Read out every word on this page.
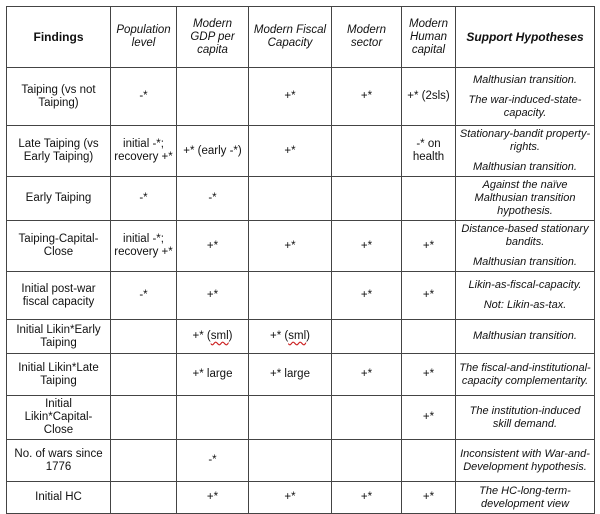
Findings	Population level	Modern GDP per capita	Modern Fiscal Capacity	Modern sector	Modern Human capital	Support Hypotheses
Taiping (vs not Taiping)	-*		+*	+*	+* (2sls)	Malthusian transition.

The war-induced-state-capacity.

Late Taiping (vs Early Taiping)	initial -*; recovery +*	+* (early -*)	+*		-* on health	Stationary-bandit property-rights.

Malthusian transition.

Early Taiping	-*	-*				Against the naïve Malthusian transition hypothesis.

Taiping-Capital-Close	initial -*; recovery +*	+*	+*	+*	+*	Distance-based stationary bandits.

Malthusian transition.

Initial post-war fiscal capacity	-*	+*		+*	+*	Likin-as-fiscal-capacity.

Not: Likin-as-tax.

Initial Likin*Early Taiping		+* (sml)	+* (sml)			Malthusian transition.

Initial Likin*Late Taiping		+* large	+* large	+*	+*	The fiscal-and-institutional-capacity complementarity.

Initial Likin*Capital-Close					+*	The institution-induced skill demand.

No. of wars since 1776		-*				Inconsistent with War-and-Development hypothesis.

Initial HC		+*	+*	+*	+*	The HC-long-term-development view
